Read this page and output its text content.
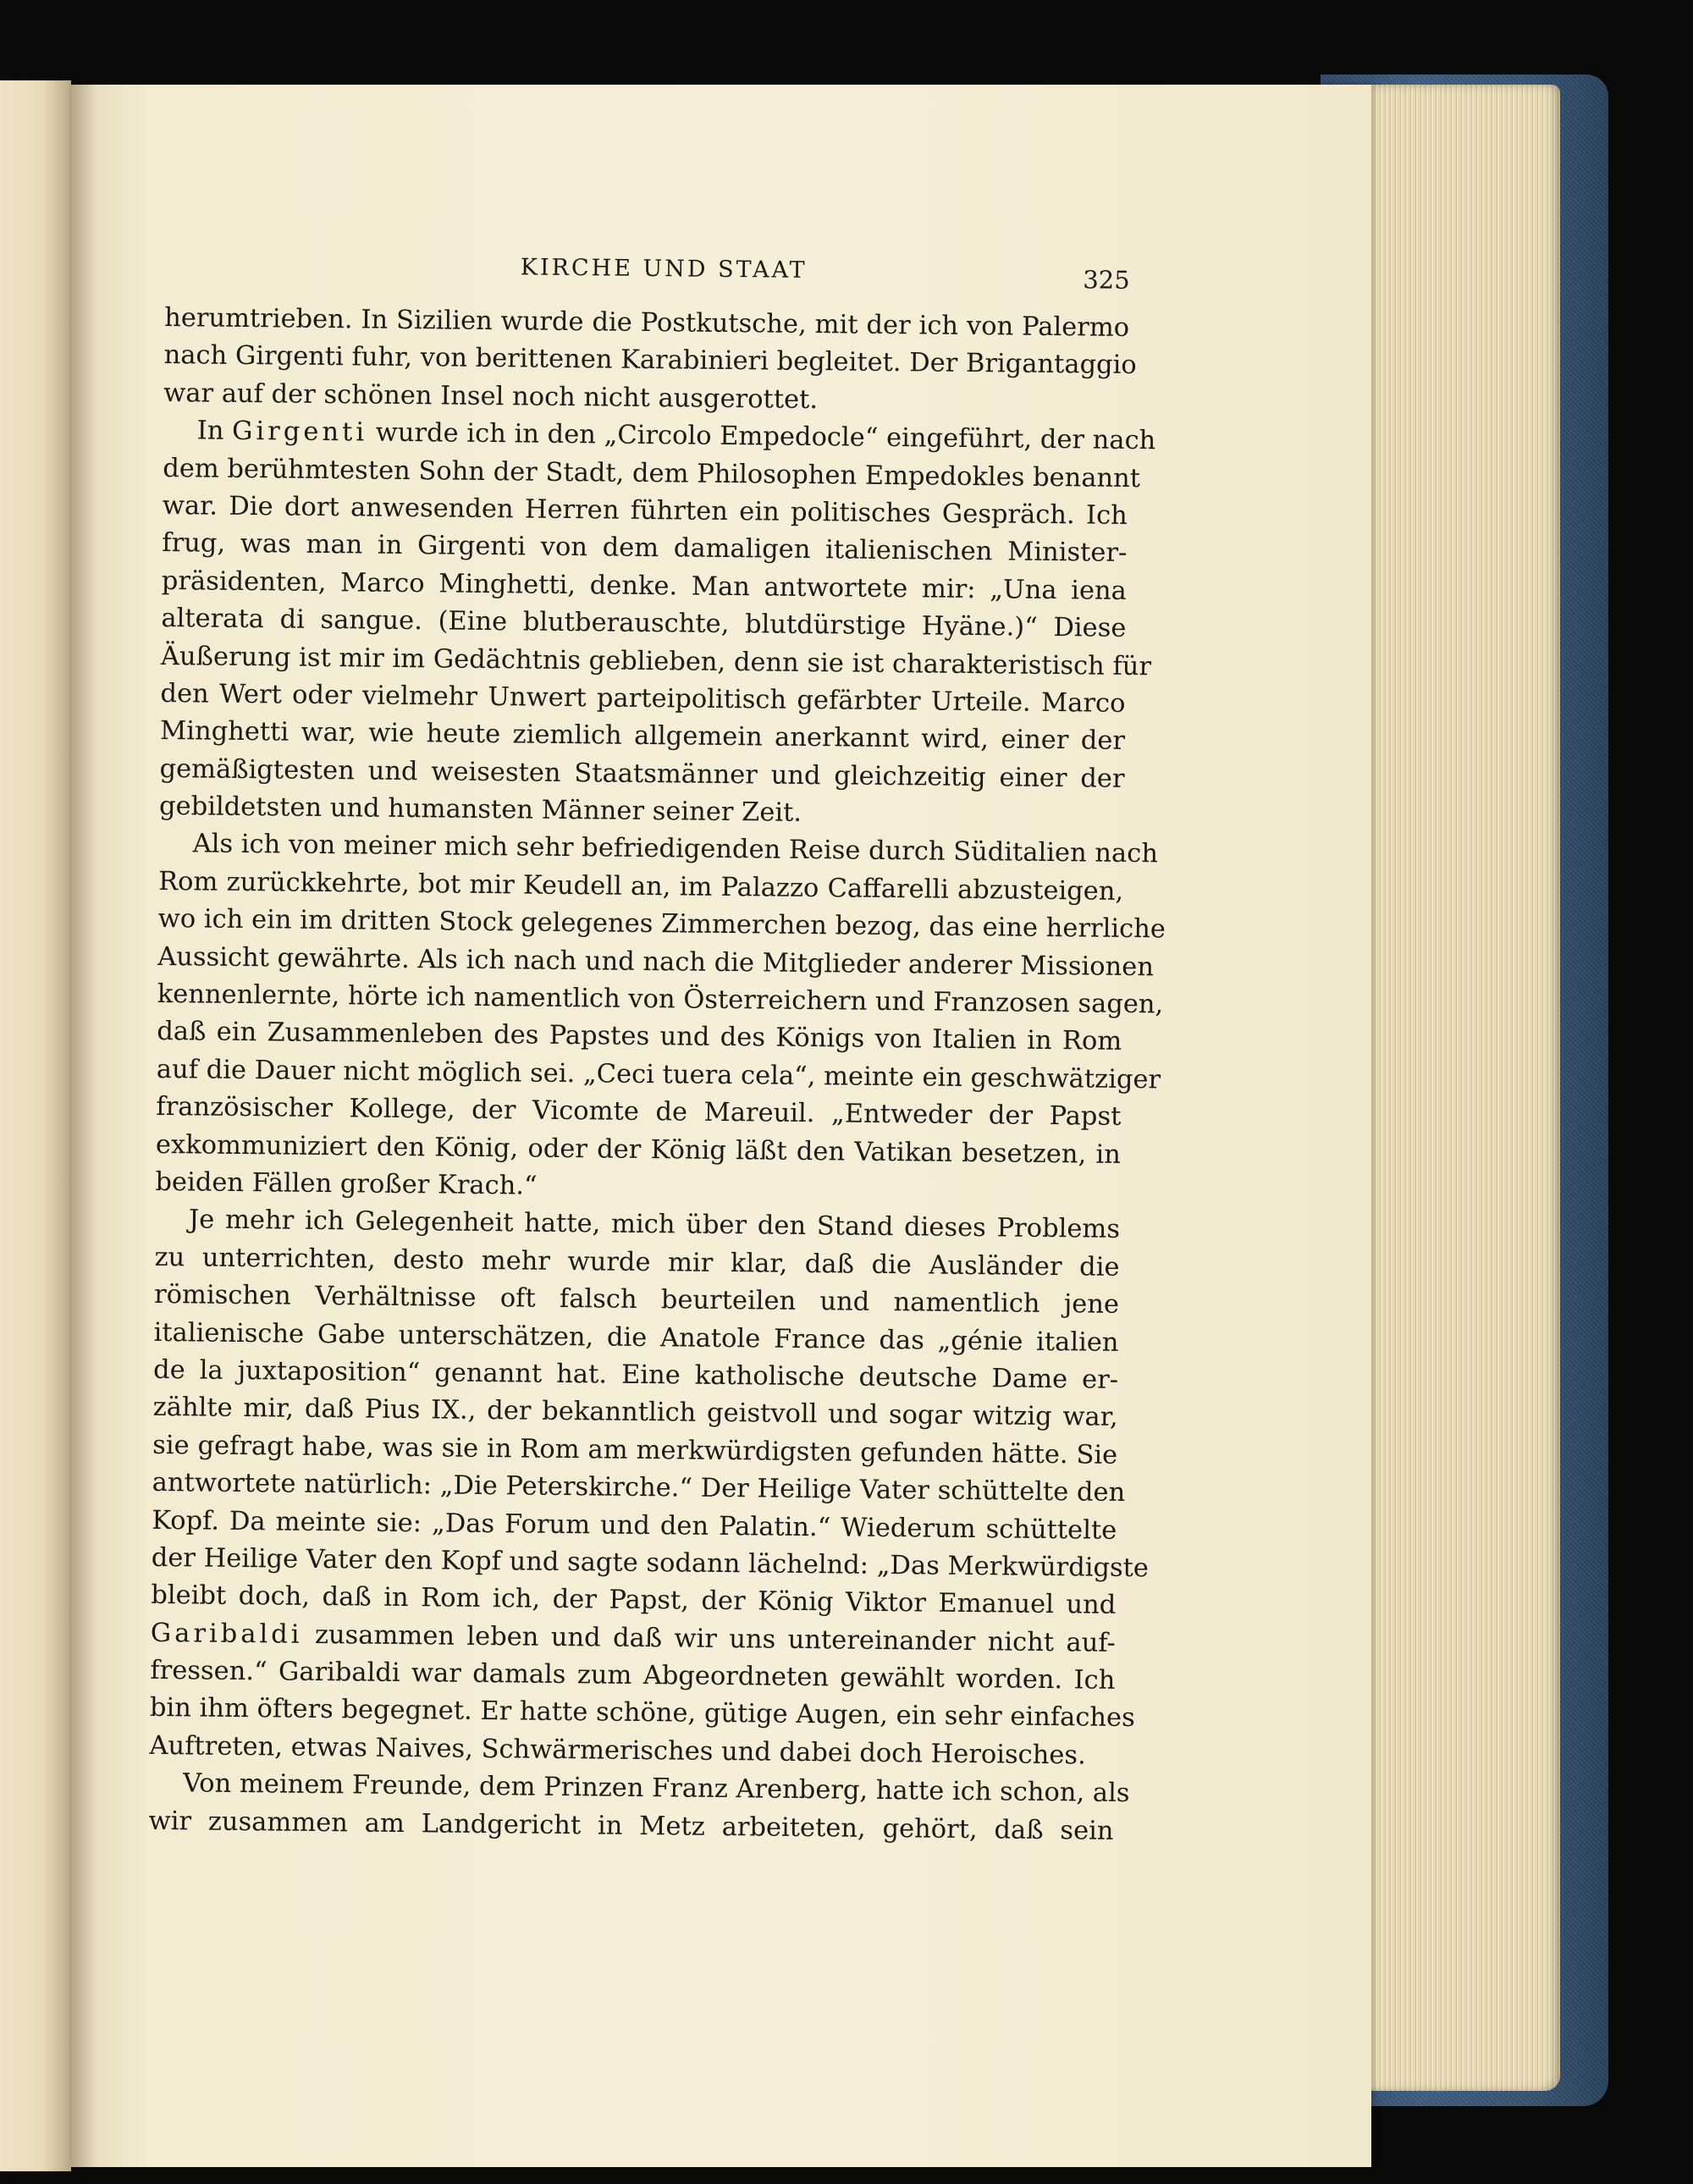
KIRCHE UND STAAT	325
herumtrieben. In Sizilien wurde die Postkutsche, mit der ich von Palermo
nach Girgenti fuhr, von berittenen Karabinieri begleitet. Der Brigantaggio
war auf der schönen Insel noch nicht ausgerottet.
In Girgenti wurde ich in den „Circolo Empedocle“ eingeführt, der nach
dem berühmtesten Sohn der Stadt, dem Philosophen Empedokles benannt
war. Die dort anwesenden Herren führten ein politisches Gespräch. Ich
frug, was man in Girgenti von dem damaligen italienischen Minister-
präsidenten, Marco Minghetti, denke. Man antwortete mir: „Una iena
alterata di sangue. (Eine blutberauschte, blutdürstige Hyäne.)“ Diese
Äußerung ist mir im Gedächtnis geblieben, denn sie ist charakteristisch für
den Wert oder vielmehr Unwert parteipolitisch gefärbter Urteile. Marco
Minghetti war, wie heute ziemlich allgemein anerkannt wird, einer der
gemäßigtesten und weisesten Staatsmänner und gleichzeitig einer der
gebildetsten und humansten Männer seiner Zeit.
Als ich von meiner mich sehr befriedigenden Reise durch Süditalien nach
Rom zurückkehrte, bot mir Keudell an, im Palazzo Caffarelli abzusteigen,
wo ich ein im dritten Stock gelegenes Zimmerchen bezog, das eine herrliche
Aussicht gewährte. Als ich nach und nach die Mitglieder anderer Missionen
kennenlernte, hörte ich namentlich von Österreichern und Franzosen sagen,
daß ein Zusammenleben des Papstes und des Königs von Italien in Rom
auf die Dauer nicht möglich sei. „Ceci tuera cela“, meinte ein geschwätziger
französischer Kollege, der Vicomte de Mareuil. „Entweder der Papst
exkommuniziert den König, oder der König läßt den Vatikan besetzen, in
beiden Fällen großer Krach.“
Je mehr ich Gelegenheit hatte, mich über den Stand dieses Problems
zu unterrichten, desto mehr wurde mir klar, daß die Ausländer die
römischen Verhältnisse oft falsch beurteilen und namentlich jene
italienische Gabe unterschätzen, die Anatole France das „génie italien
de la juxtaposition“ genannt hat. Eine katholische deutsche Dame er-
zählte mir, daß Pius IX., der bekanntlich geistvoll und sogar witzig war,
sie gefragt habe, was sie in Rom am merkwürdigsten gefunden hätte. Sie
antwortete natürlich: „Die Peterskirche.“ Der Heilige Vater schüttelte den
Kopf. Da meinte sie: „Das Forum und den Palatin.“ Wiederum schüttelte
der Heilige Vater den Kopf und sagte sodann lächelnd: „Das Merkwürdigste
bleibt doch, daß in Rom ich, der Papst, der König Viktor Emanuel und
Garibaldi zusammen leben und daß wir uns untereinander nicht auf-
fressen.“ Garibaldi war damals zum Abgeordneten gewählt worden. Ich
bin ihm öfters begegnet. Er hatte schöne, gütige Augen, ein sehr einfaches
Auftreten, etwas Naives, Schwärmerisches und dabei doch Heroisches.
Von meinem Freunde, dem Prinzen Franz Arenberg, hatte ich schon, als
wir zusammen am Landgericht in Metz arbeiteten, gehört, daß sein
